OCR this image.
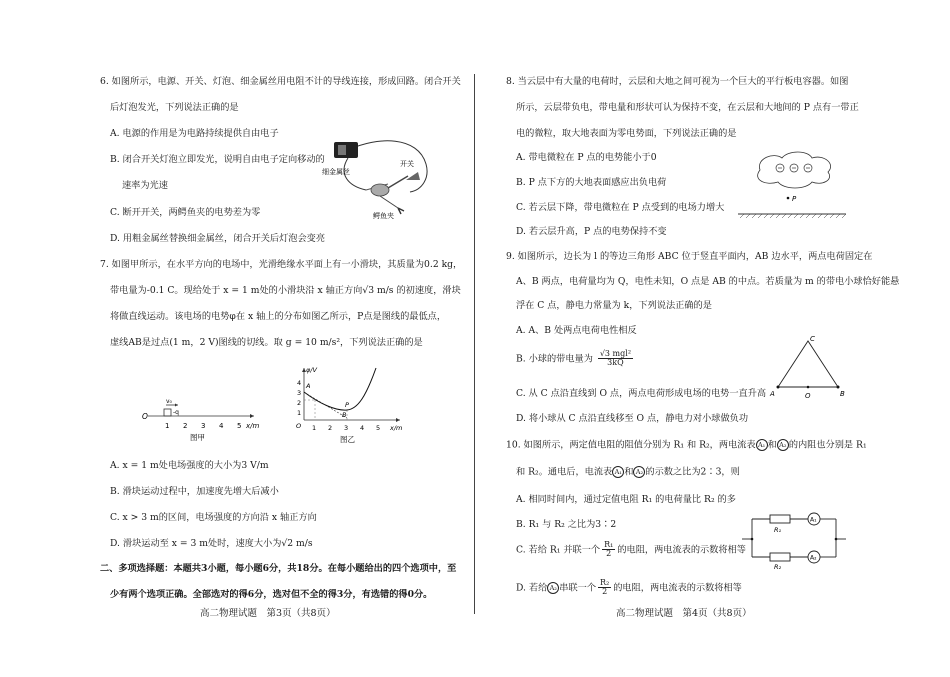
6. 如图所示，电源、开关、灯泡、细金属丝用电阻不计的导线连接，形成回路。闭合开关
后灯泡发光，下列说法正确的是
A. 电源的作用是为电路持续提供自由电子
B. 闭合开关灯泡立即发光，说明自由电子定向移动的
速率为光速
C. 断开开关，两鳄鱼夹的电势差为零
D. 用粗金属丝替换细金属丝，闭合开关后灯泡会变亮
细金属丝
开关
鳄鱼夹
7. 如图甲所示，在水平方向的电场中，光滑绝缘水平面上有一小滑块，其质量为0.2 kg，
带电量为-0.1 C。现给处于 x = 1 m处的小滑块沿 x 轴正方向√3 m/s 的初速度，滑块
将做直线运动。该电场的电势φ在 x 轴上的分布如图乙所示，P点是图线的最低点，
虚线AB是过点(1 m，2 V)图线的切线。取 g = 10 m/s²，下列说法正确的是
O
v₀
-q
1 2 3 4 5 x/m
图甲
φ/V
x/m
O
1
2
3
4
1 2 3 4 5
A
B
P
图乙
A. x = 1 m处电场强度的大小为3 V/m
B. 滑块运动过程中，加速度先增大后减小
C. x > 3 m的区间，电场强度的方向沿 x 轴正方向
D. 滑块运动至 x = 3 m处时，速度大小为√2 m/s
二、多项选择题：本题共3小题，每小题6分，共18分。在每小题给出的四个选项中，至
少有两个选项正确。全部选对的得6分，选对但不全的得3分，有选错的得0分。
高二物理试题　第3页（共8页）
8. 当云层中有大量的电荷时，云层和大地之间可视为一个巨大的平行板电容器。如图
所示，云层带负电，带电量和形状可认为保持不变，在云层和大地间的 P 点有一带正
电的微粒，取大地表面为零电势面，下列说法正确的是
A. 带电微粒在 P 点的电势能小于0
B. P 点下方的大地表面感应出负电荷
C. 若云层下降，带电微粒在 P 点受到的电场力增大
D. 若云层升高，P 点的电势保持不变
P
9. 如图所示，边长为 l 的等边三角形 ABC 位于竖直平面内，AB 边水平，两点电荷固定在
A、B 两点，电荷量均为 Q，电性未知，O 点是 AB 的中点。若质量为 m 的带电小球恰好能悬
浮在 C 点，静电力常量为 k，下列说法正确的是
A. A、B 处两点电荷电性相反
B. 小球的带电量为 $\frac{\text{√3 mgl²}}{3kQ}$
C. 从 C 点沿直线到 O 点，两点电荷形成电场的电势一直升高
D. 将小球从 C 点沿直线移至 O 点，静电力对小球做负功
A	B
C
O
10. 如图所示，两定值电阻的阻值分别为 R₁ 和 R₂，两电流表 A₁ 和 A₂ 的内阻也分别是 R₁
和 R₂。通电后，电流表 A₁ 和 A₂ 的示数之比为2∶3，则
A. 相同时间内，通过定值电阻 R₁ 的电荷量比 R₂ 的多
B. R₁ 与 R₂ 之比为3∶2
C. 若给 R₁ 并联一个 $\frac{\text{R₁}}{2}$ 的电阻，两电流表的示数将相等
D. 若给 A₂ 串联一个 $\frac{\text{R₂}}{2}$ 的电阻，两电流表的示数将相等
A₁
R₁
A₂
R₂
高二物理试题　第4页（共8页）
